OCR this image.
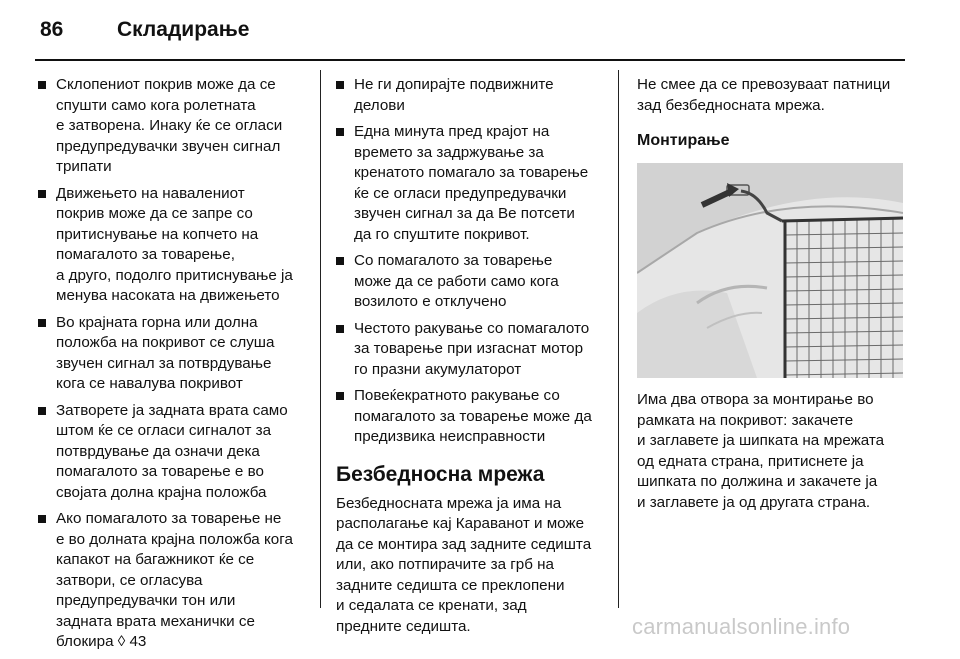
86	Складирање
Склопениот покрив може да се
спушти само кога ролетната
е затворена. Инаку ќе се огласи
предупредувачки звучен сигнал
трипати
Движењето на навалениот
покрив може да се запре со
притиснување на копчето на
помагалото за товарење,
а друго, подолго притиснување ја
менува насоката на движењето
Во крајната горна или долна
положба на покривот се слуша
звучен сигнал за потврдување
кога се навалува покривот
Затворете ја задната врата само
штом ќе се огласи сигналот за
потврдување да означи дека
помагалото за товарење е во
својата долна крајна положба
Ако помагалото за товарење не
е во долната крајна положба кога
капакот на багажникот ќе се
затвори, се огласува
предупредувачки тон или
задната врата механички се
блокира ◊ 43
Не ги допирајте подвижните
делови
Една минута пред крајот на
времето за задржување за
кренатото помагало за товарење
ќе се огласи предупредувачки
звучен сигнал за да Ве потсети
да го спуштите покривот.
Со помагалото за товарење
може да се работи само кога
возилото е отклучено
Честото ракување со помагалото
за товарење при изгаснат мотор
го празни акумулаторот
Повеќекратното ракување со
помагалото за товарење може да
предизвика неисправности
Безбедносна мрежа
Безбедносната мрежа ја има на
располагање кај Караванот и може
да се монтира зад задните седишта
или, ако потпирачите за грб на
задните седишта се преклопени
и седалата се кренати, зад
предните седишта.
Не смее да се превозуваат патници
зад безбедносната мрежа.
Монтирање
Има два отвора за монтирање во
рамката на покривот: закачете
и заглавете ја шипката на мрежата
од едната страна, притиснете ја
шипката по должина и закачете ја
и заглавете ја од другата страна.
carmanualsonline.info
